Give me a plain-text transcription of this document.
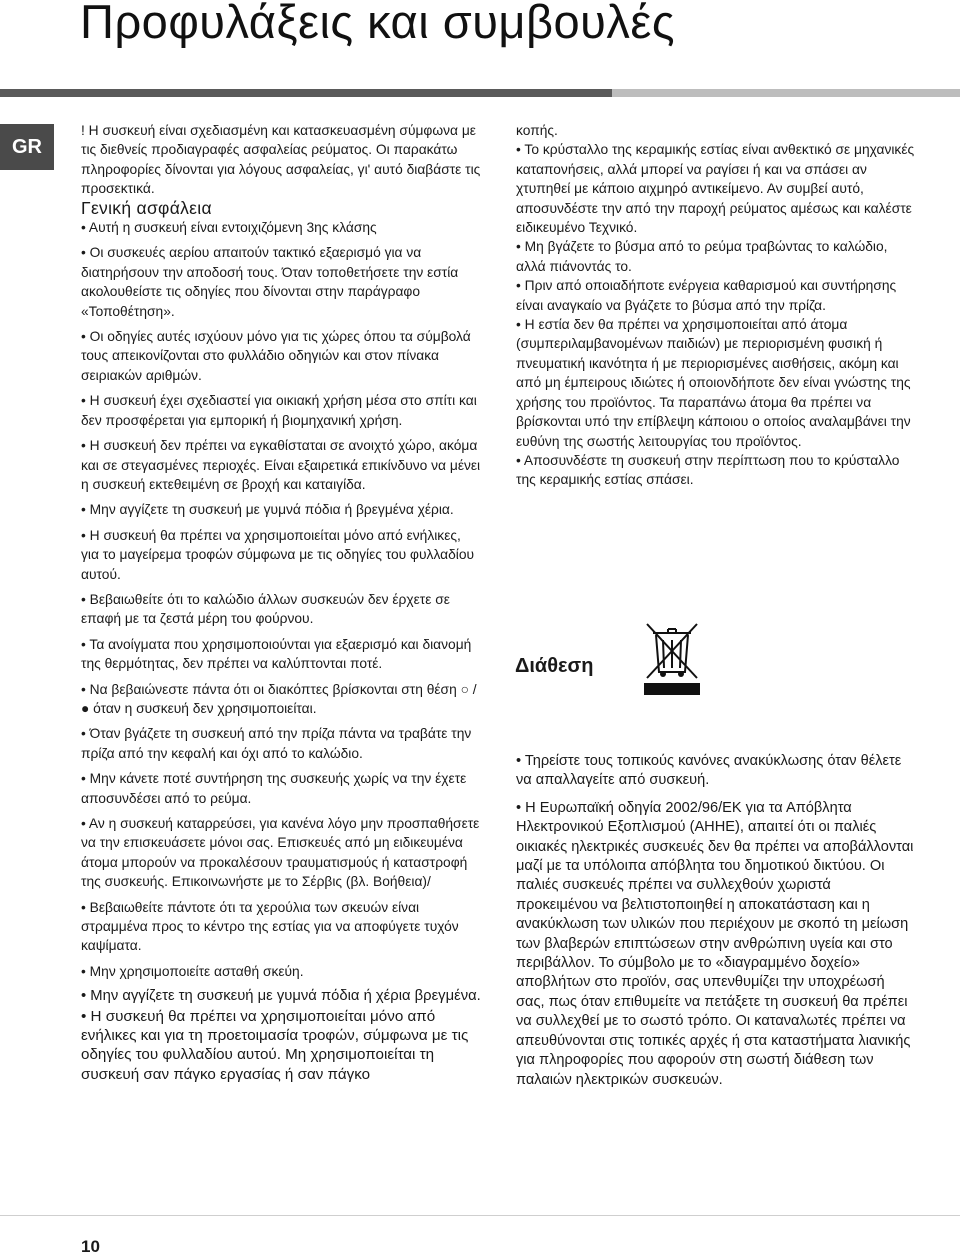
Προφυλάξεις και συμβουλές
GR

! Η συσκευή είναι σχεδιασμένη και κατασκευασμένη σύμφωνα με τις διεθνείς προδιαγραφές ασφαλείας ρεύματος. Οι παρακάτω πληροφορίες δίνονται για λόγους ασφαλείας, γι' αυτό διαβάστε τις προσεκτικά.

Γενική ασφάλεια

• Αυτή η συσκευή είναι εντοιχιζόμενη 3ης κλάσης

• Οι συσκευές αερίου απαιτούν τακτικό εξαερισμό για να διατηρήσουν την αποδοσή τους. Όταν τοποθετήσετε την εστία ακολουθείστε τις οδηγίες που δίνονται στην παράγραφο «Τοποθέτηση».

• Οι οδηγίες αυτές ισχύουν μόνο για τις χώρες όπου τα σύμβολά τους απεικονίζονται στο φυλλάδιο οδηγιών και στον πίνακα σειριακών αριθμών.

• Η συσκευή έχει σχεδιαστεί για οικιακή χρήση μέσα στο σπίτι και δεν προσφέρεται για εμπορική ή βιομηχανική χρήση.

• Η συσκευή δεν πρέπει να εγκαθίσταται σε ανοιχτό χώρο, ακόμα και σε στεγασμένες περιοχές. Είναι εξαιρετικά επικίνδυνο να μένει η συσκευή εκτεθειμένη σε βροχή και καταιγίδα.

• Μην αγγίζετε τη συσκευή με γυμνά πόδια ή βρεγμένα χέρια.

• Η συσκευή θα πρέπει να χρησιμοποιείται μόνο από ενήλικες, για το μαγείρεμα τροφών σύμφωνα με τις οδηγίες του φυλλαδίου αυτού.

• Βεβαιωθείτε ότι το καλώδιο άλλων συσκευών δεν έρχετε σε επαφή με τα ζεστά μέρη του φούρνου.

• Τα ανοίγματα που χρησιμοποιούνται για εξαερισμό και διανομή της θερμότητας, δεν πρέπει να καλύπτονται ποτέ.

• Να βεβαιώνεστε πάντα ότι οι διακόπτες βρίσκονται στη θέση ○ / ● όταν η συσκευή δεν χρησιμοποιείται.

• Όταν βγάζετε τη συσκευή από την πρίζα πάντα να τραβάτε την πρίζα από την κεφαλή και όχι από το καλώδιο.

• Μην κάνετε ποτέ συντήρηση της συσκευής χωρίς να την έχετε αποσυνδέσει από το ρεύμα.

• Αν η συσκευή καταρρεύσει, για κανένα λόγο μην προσπαθήσετε να την επισκευάσετε μόνοι σας. Επισκευές από μη ειδικευμένα άτομα μπορούν να προκαλέσουν τραυματισμούς ή καταστροφή της συσκευής. Επικοινωνήστε με το Σέρβις (βλ. Βοήθεια)/

• Βεβαιωθείτε πάντοτε ότι τα χερούλια των σκευών είναι στραμμένα προς το κέντρο της εστίας για να αποφύγετε τυχόν καψίματα.

• Μην χρησιμοποιείτε ασταθή σκεύη.

• Μην αγγίζετε τη συσκευή με γυμνά πόδια ή χέρια βρεγμένα.

• Η συσκευή θα πρέπει να χρησιμοποιείται μόνο από ενήλικες και για τη προετοιμασία τροφών, σύμφωνα με τις οδηγίες του φυλλαδίου αυτού. Μη χρησιμοποιείται τη συσκευή σαν πάγκο εργασίας ή σαν πάγκο

κοπής.

• Το κρύσταλλο της κεραμικής εστίας είναι ανθεκτικό σε μηχανικές καταπονήσεις, αλλά μπορεί να ραγίσει ή και να σπάσει αν χτυπηθεί με κάποιο αιχμηρό αντικείμενο. Αν συμβεί αυτό, αποσυνδέστε την από την παροχή ρεύματος αμέσως και καλέστε ειδικευμένο Τεχνικό.

• Μη βγάζετε το βύσμα από το ρεύμα τραβώντας το καλώδιο, αλλά πιάνοντάς το.

• Πριν από οποιαδήποτε ενέργεια καθαρισμού και συντήρησης είναι αναγκαίο να βγάζετε το βύσμα από την πρίζα.

• Η εστία δεν θα πρέπει να χρησιμοποιείται από άτομα (συμπεριλαμβανομένων παιδιών) με περιορισμένη φυσική ή πνευματική ικανότητα ή με περιορισμένες αισθήσεις, ακόμη και από μη έμπειρους ιδιώτες ή οποιονδήποτε δεν είναι γνώστης της χρήσης του προϊόντος. Τα παραπάνω άτομα θα πρέπει να βρίσκονται υπό την επίβλεψη κάποιου ο οποίος αναλαμβάνει την ευθύνη της σωστής λειτουργίας του προϊόντος.

• Αποσυνδέστε τη συσκευή στην περίπτωση που το κρύσταλλο της κεραμικής εστίας σπάσει.

Διάθεση

• Τηρείστε τους τοπικούς κανόνες ανακύκλωσης όταν θέλετε να απαλλαγείτε από συσκευή.

• Η Ευρωπαϊκή οδηγία 2002/96/ΕΚ για τα Απόβλητα Ηλεκτρονικού Εξοπλισμού (ΑΗΗΕ), απαιτεί ότι οι παλιές οικιακές ηλεκτρικές συσκευές δεν θα πρέπει να αποβάλλονται μαζί με τα υπόλοιπα απόβλητα του δημοτικού δικτύου. Οι παλιές συσκευές πρέπει να συλλεχθούν χωριστά προκειμένου να βελτιστοποιηθεί η αποκατάσταση και η ανακύκλωση των υλικών που περιέχουν με σκοπό τη μείωση των βλαβερών επιπτώσεων στην ανθρώπινη υγεία και στο περιβάλλον. Το σύμβολο με το «διαγραμμένο δοχείο» αποβλήτων στο προϊόν, σας υπενθυμίζει την υποχρέωσή σας, πως όταν επιθυμείτε να πετάξετε τη συσκευή θα πρέπει να συλλεχθεί με το σωστό τρόπο. Οι καταναλωτές πρέπει να απευθύνονται στις τοπικές αρχές ή στα καταστήματα λιανικής για πληροφορίες που αφορούν στη σωστή διάθεση των παλαιών ηλεκτρικών συσκευών.

10
